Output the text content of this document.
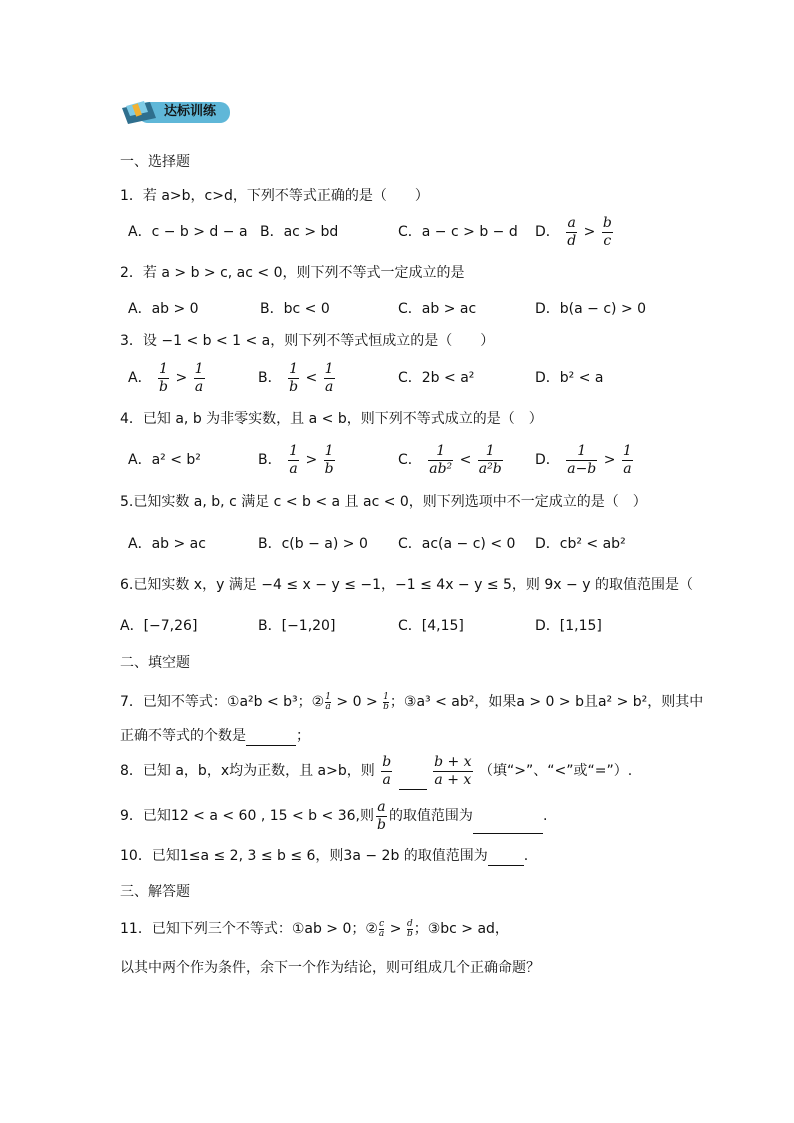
达标训练
一、选择题
1．若 a>b，c>d，下列不等式正确的是（　　）
A．c − b > d − a B．ac > bd	C．a − c > b − d D． $\frac{a}{d} > \frac{b}{c}$
2．若 a > b > c, ac < 0，则下列不等式一定成立的是
A．ab > 0	B．bc < 0	C．ab > ac	D．b(a − c) > 0
3．设 −1 < b < 1 < a，则下列不等式恒成立的是（　　）
A． $\frac{1}{b} > \frac{1}{a}$	B． $\frac{1}{b} < \frac{1}{a}$	C．2b < a²	D．b² < a
4．已知 a, b 为非零实数，且 a < b，则下列不等式成立的是（　）
A．a² < b²	B． $\frac{1}{a} > \frac{1}{b}$	C． $\frac{1}{\text{ab²}} < \frac{1}{\text{a²b}}$ D． $\frac{1}{a-b} > \frac{1}{a}$
5.已知实数 a, b, c 满足 c < b < a 且 ac < 0，则下列选项中不一定成立的是（　）
A．ab > ac	B．c(b − a) > 0 C．ac(a − c) < 0 D．cb² < ab²
6.已知实数 x，y 满足 −4 ≤ x − y ≤ −1，−1 ≤ 4x − y ≤ 5，则 9x − y 的取值范围是（
A．[−7,26]	B．[−1,20]	C．[4,15]	D．[1,15]
二、填空题
7．已知不等式：①a²b < b³；② $\frac{1}{a} > 0 > \frac{1}{b}$ ；③a³ < ab²，如果a > 0 > b且a² > b²，则其中
正确不等式的个数是	；
8．已知 a，b，x均为正数，且 a>b，则 $\frac{b}{a}$
	$\frac{b + x}{a + x}$ （填“>”、“<”或“=”）.
9．已知12 < a < 60 , 15 < b < 36,则 $\frac{a}{b}$ 的取值范围为	.
10．已知1≤a ≤ 2, 3 ≤ b ≤ 6，则3a − 2b 的取值范围为	.
三、解答题
11．已知下列三个不等式：①ab > 0；② $\frac{c}{a} > \frac{d}{b}$ ；③bc > ad，
以其中两个作为条件，余下一个作为结论，则可组成几个正确命题？
